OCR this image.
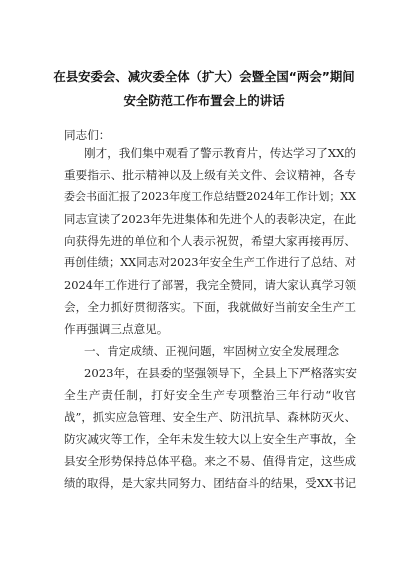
在县安委会、减灾委全体（扩大）会暨全国“两会”期间
安全防范工作布置会上的讲话
同志们：
刚才，我们集中观看了警示教育片，传达学习了XX的
重要指示、批示精神以及上级有关文件、会议精神，各专
委会书面汇报了2023年度工作总结暨2024年工作计划；XX
同志宣读了2023年先进集体和先进个人的表彰决定，在此
向获得先进的单位和个人表示祝贺，希望大家再接再厉、
再创佳绩；XX同志对2023年安全生产工作进行了总结、对
2024年工作进行了部署，我完全赞同，请大家认真学习领
会，全力抓好贯彻落实。下面，我就做好当前安全生产工
作再强调三点意见。
一、肯定成绩、正视问题，牢固树立安全发展理念
2023年，在县委的坚强领导下，全县上下严格落实安
全生产责任制，打好安全生产专项整治三年行动“收官
战”，抓实应急管理、安全生产、防汛抗旱、森林防灭火、
防灾减灾等工作，全年未发生较大以上安全生产事故，全
县安全形势保持总体平稳。来之不易、值得肯定，这些成
绩的取得，是大家共同努力、团结奋斗的结果，受XX书记
